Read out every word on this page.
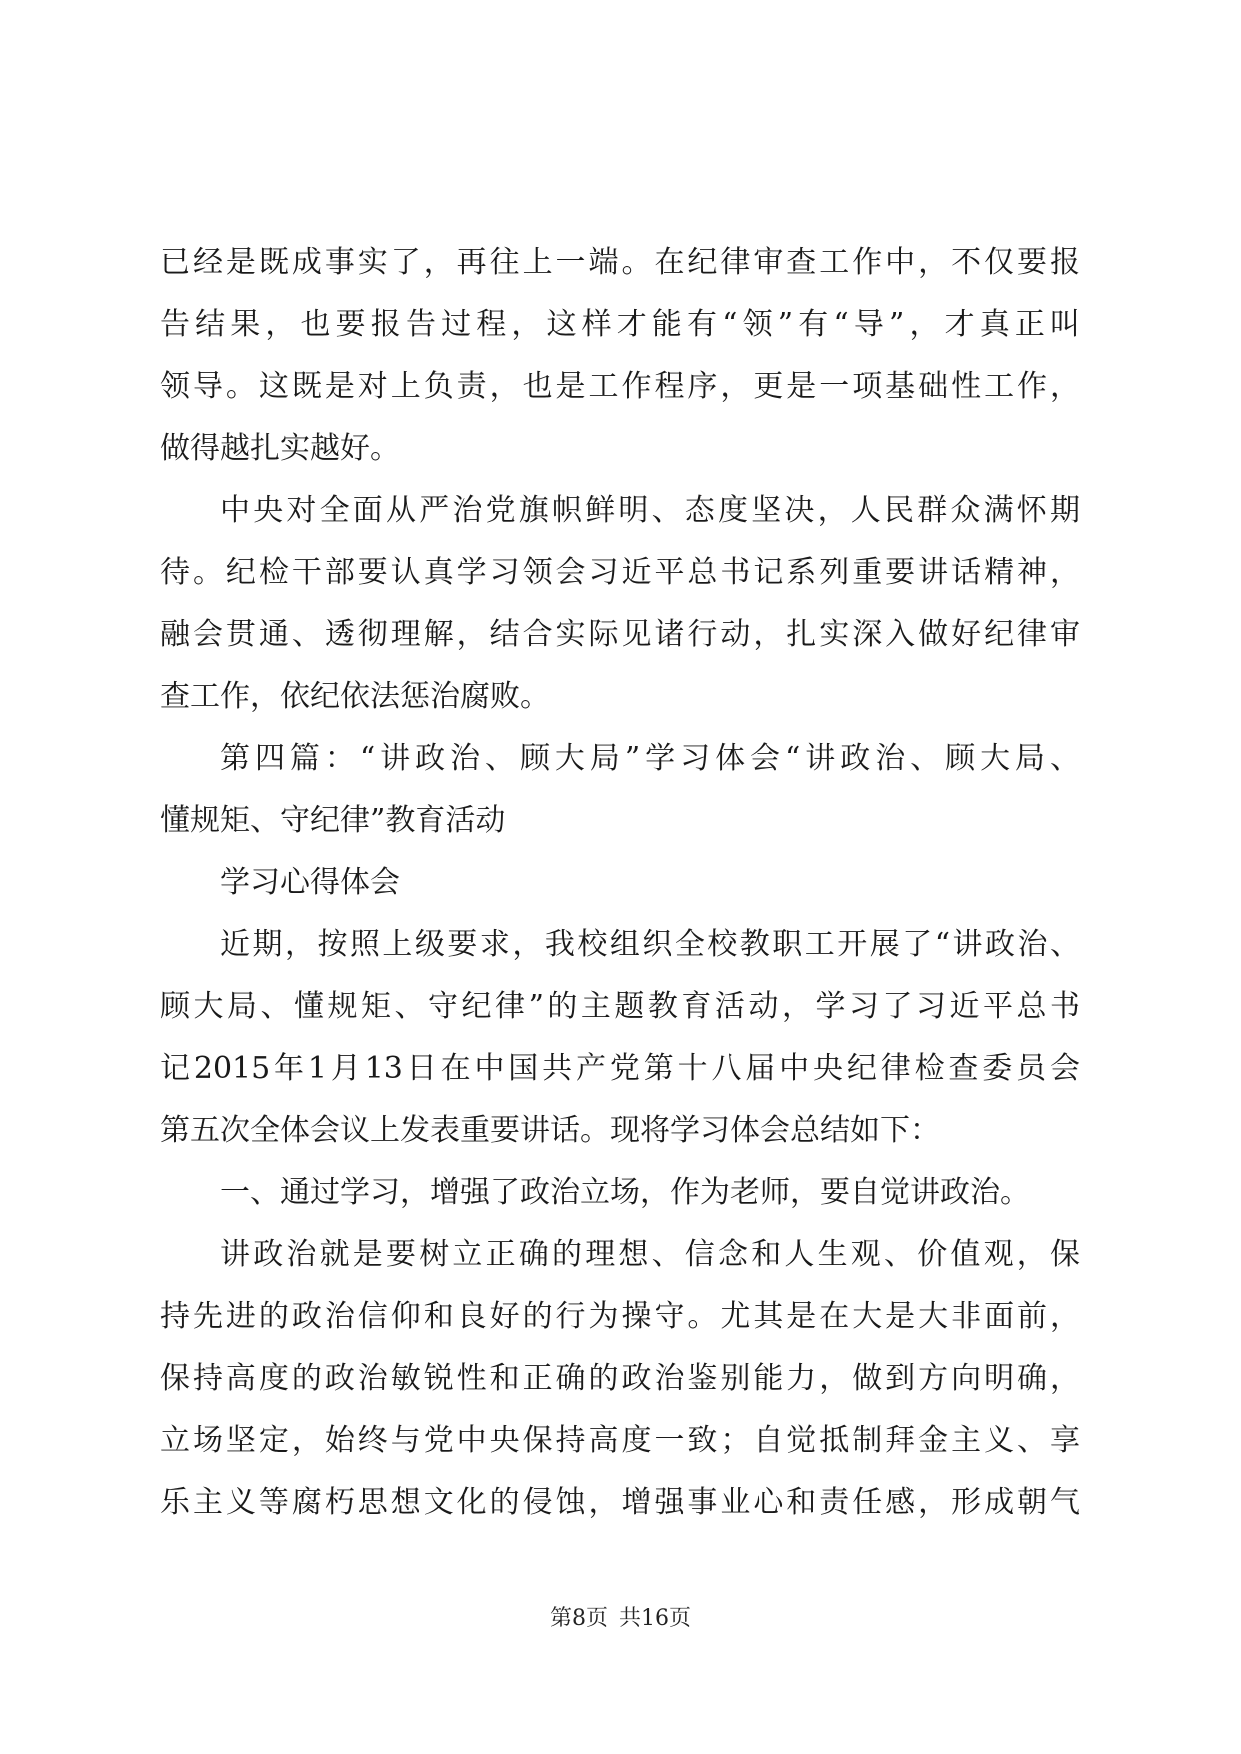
已经是既成事实了，再往上一端。在纪律审查工作中，不仅要报
告结果，也要报告过程，这样才能有“领”有“导”，才真正叫
领导。这既是对上负责，也是工作程序，更是一项基础性工作，
做得越扎实越好。
中央对全面从严治党旗帜鲜明、态度坚决，人民群众满怀期
待。纪检干部要认真学习领会习近平总书记系列重要讲话精神，
融会贯通、透彻理解，结合实际见诸行动，扎实深入做好纪律审
查工作，依纪依法惩治腐败。
第四篇：“讲政治、顾大局”学习体会“讲政治、顾大局、
懂规矩、守纪律”教育活动
学习心得体会
近期，按照上级要求，我校组织全校教职工开展了“讲政治、
顾大局、懂规矩、守纪律”的主题教育活动，学习了习近平总书
记2015年1月13日在中国共产党第十八届中央纪律检查委员会
第五次全体会议上发表重要讲话。现将学习体会总结如下：
一、通过学习，增强了政治立场，作为老师，要自觉讲政治。
讲政治就是要树立正确的理想、信念和人生观、价值观，保
持先进的政治信仰和良好的行为操守。尤其是在大是大非面前，
保持高度的政治敏锐性和正确的政治鉴别能力，做到方向明确，
立场坚定，始终与党中央保持高度一致；自觉抵制拜金主义、享
乐主义等腐朽思想文化的侵蚀，增强事业心和责任感，形成朝气
第8页 共16页
